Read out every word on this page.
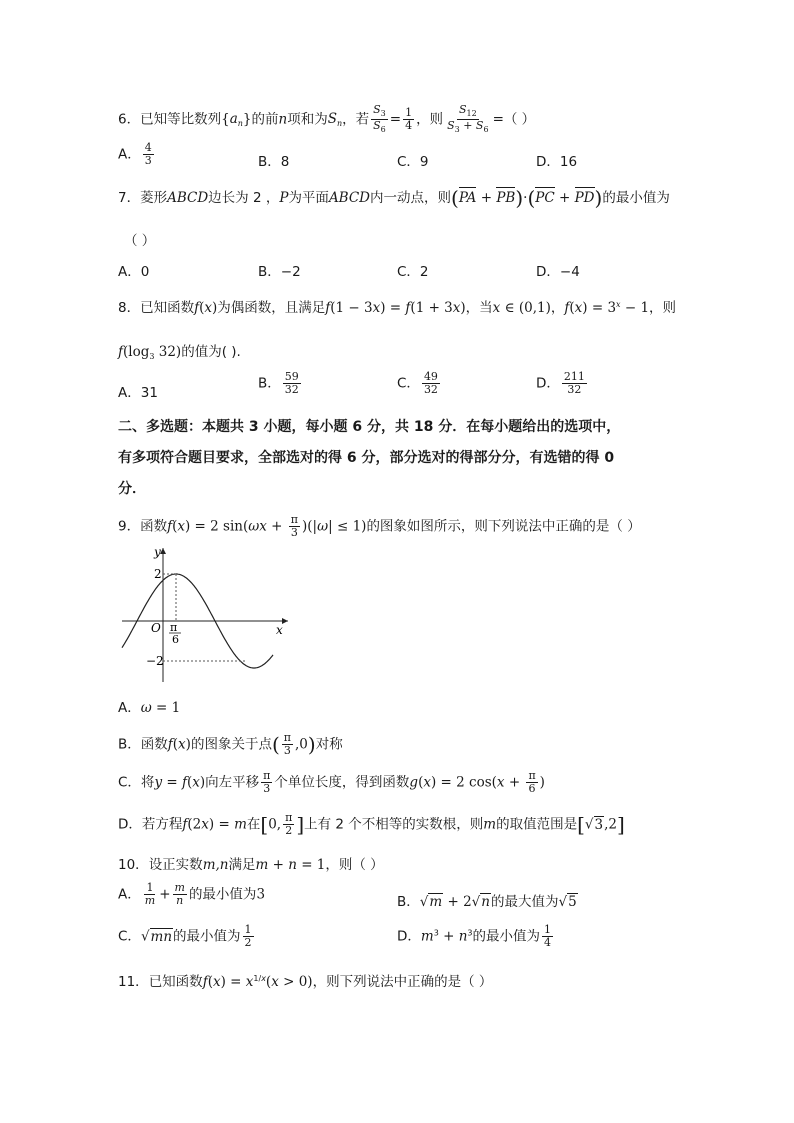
6．已知等比数列$\{a_n\}$的前n项和为$S_n$，若 $\frac{S_3}{S_6} = \frac{1}{4}$ ，则 $\frac{S_{12}}{S_3 + S_6}$ =（ ）
A． $\frac{4}{3}$	B．8	C．9	D．16
7．菱形ABCD边长为 2 ，P为平面ABCD内一动点，则(PA + PB)·(PC + PD)的最小值为
（ ）
A．0	B．−2	C．2	D．−4
8．已知函数f(x)为偶函数，且满足f(1 − 3x) = f(1 + 3x)，当x ∈ (0,1)，$f(x) = 3^x - 1$，则
$f(\log_3$ 32)的值为( ).
A．31
B． $\frac{59}{32}$	C． $\frac{49}{32}$	D． $\frac{211}{32}$
二、多选题：本题共 3 小题，每小题 6 分，共 18 分．在每小题给出的选项中，
有多项符合题目要求，全部选对的得 6 分，部分选对的得部分分，有选错的得 0
分．
9．函数f(x) = 2 $\sin(\omega x + \frac{\pi}{3} )(|\omega| \le 1)$的图象如图所示，则下列说法中正确的是（ ）
y
x
O π
6
2
−2
A．ω = 1
B．函数f(x)的图象关于点( $\frac{\pi}{3} ,0$)对称
C．将y = f(x)向左平移 $\frac{\pi}{3}$ 个单位长度，得到函数g(x) = 2 $\cos(x + \frac{\pi}{6}$ )
D．若方程f(2x) = m在[0, $\frac{\pi}{2}$ ]上有 2 个不相等的实数根，则m的取值范围是[√3,2]
10．设正实数m,n满足m + n = 1，则（ ）
A． $\frac{1}{m} + \frac{m}{n}$ 的最小值为3	B．√m + 2√n的最大值为√5
C．√mn的最小值为 $\frac{1}{2}$	D．$m^3 + n^3$的最小值为 $\frac{1}{4}$
11．已知函数$f(x) = x^{1/x}(x > 0)$，则下列说法中正确的是（ ）
